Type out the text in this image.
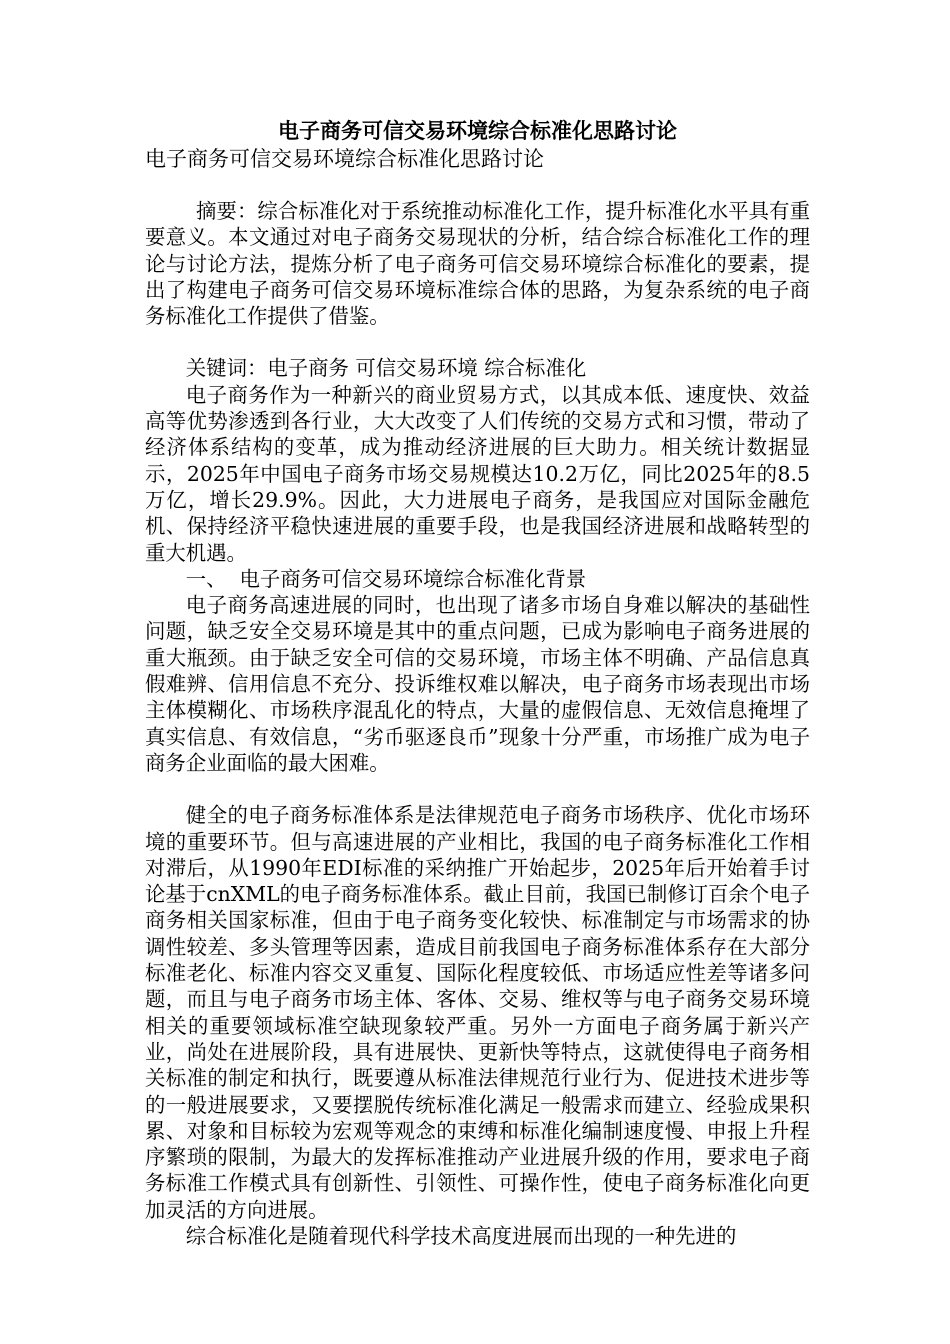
电子商务可信交易环境综合标准化思路讨论

电子商务可信交易环境综合标准化思路讨论

摘要：综合标准化对于系统推动标准化工作，提升标准化水平具有重要意义。本文通过对电子商务交易现状的分析，结合综合标准化工作的理论与讨论方法，提炼分析了电子商务可信交易环境综合标准化的要素，提出了构建电子商务可信交易环境标准综合体的思路，为复杂系统的电子商务标准化工作提供了借鉴。

关键词：电子商务 可信交易环境 综合标准化

电子商务作为一种新兴的商业贸易方式，以其成本低、速度快、效益高等优势渗透到各行业，大大改变了人们传统的交易方式和习惯，带动了经济体系结构的变革，成为推动经济进展的巨大助力。相关统计数据显示，2025年中国电子商务市场交易规模达10.2万亿，同比2025年的8.5万亿，增长29.9%。因此，大力进展电子商务，是我国应对国际金融危机、保持经济平稳快速进展的重要手段，也是我国经济进展和战略转型的重大机遇。

一、 电子商务可信交易环境综合标准化背景

电子商务高速进展的同时，也出现了诸多市场自身难以解决的基础性问题，缺乏安全交易环境是其中的重点问题，已成为影响电子商务进展的重大瓶颈。由于缺乏安全可信的交易环境，市场主体不明确、产品信息真假难辨、信用信息不充分、投诉维权难以解决，电子商务市场表现出市场主体模糊化、市场秩序混乱化的特点，大量的虚假信息、无效信息掩埋了真实信息、有效信息，“劣币驱逐良币”现象十分严重，市场推广成为电子商务企业面临的最大困难。

健全的电子商务标准体系是法律规范电子商务市场秩序、优化市场环境的重要环节。但与高速进展的产业相比，我国的电子商务标准化工作相对滞后，从1990年EDI标准的采纳推广开始起步，2025年后开始着手讨论基于cnXML的电子商务标准体系。截止目前，我国已制修订百余个电子商务相关国家标准，但由于电子商务变化较快、标准制定与市场需求的协调性较差、多头管理等因素，造成目前我国电子商务标准体系存在大部分标准老化、标准内容交叉重复、国际化程度较低、市场适应性差等诸多问题，而且与电子商务市场主体、客体、交易、维权等与电子商务交易环境相关的重要领域标准空缺现象较严重。另外一方面电子商务属于新兴产业，尚处在进展阶段，具有进展快、更新快等特点，这就使得电子商务相关标准的制定和执行，既要遵从标准法律规范行业行为、促进技术进步等的一般进展要求，又要摆脱传统标准化满足一般需求而建立、经验成果积累、对象和目标较为宏观等观念的束缚和标准化编制速度慢、申报上升程序繁琐的限制，为最大的发挥标准推动产业进展升级的作用，要求电子商务标准工作模式具有创新性、引领性、可操作性，使电子商务标准化向更加灵活的方向进展。

综合标准化是随着现代科学技术高度进展而出现的一种先进的
